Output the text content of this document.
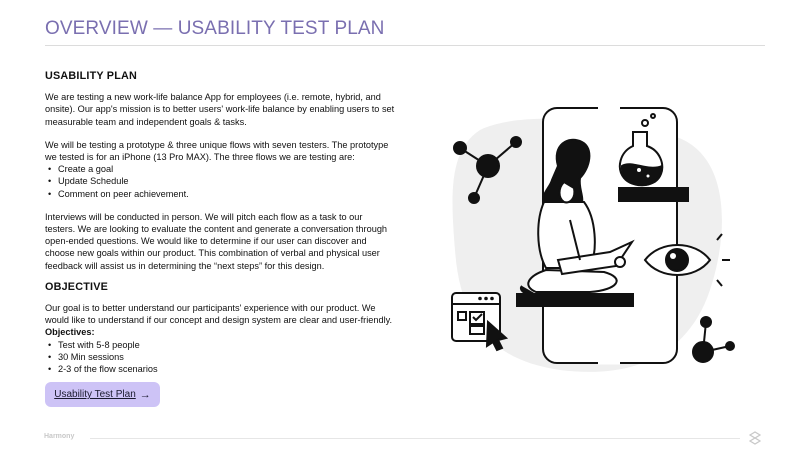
OVERVIEW — USABILITY TEST PLAN
USABILITY PLAN

We are testing a new work-life balance App for employees (i.e. remote, hybrid, and onsite). Our app's mission is to better users' work-life balance by enabling users to set measurable team and independent goals & tasks.

We will be testing a prototype & three unique flows with seven testers. The prototype we tested is for an iPhone (13 Pro MAX). The three flows we are testing are:

• Create a goal
• Update Schedule
• Comment on peer achievement.

Interviews will be conducted in person. We will pitch each flow as a task to our testers. We are looking to evaluate the content and generate a conversation through open-ended questions. We would like to determine if our user can discover and choose new goals within our product. This combination of verbal and physical user feedback will assist us in determining the “next steps” for this design.

OBJECTIVE

Our goal is to better understand our participants' experience with our product. We would like to understand if our concept and design system are clear and user-friendly.

Objectives:
• Test with 5-8 people
• 30 Min sessions
• 2-3 of the flow scenarios
Usability Test Plan →
Harmony
